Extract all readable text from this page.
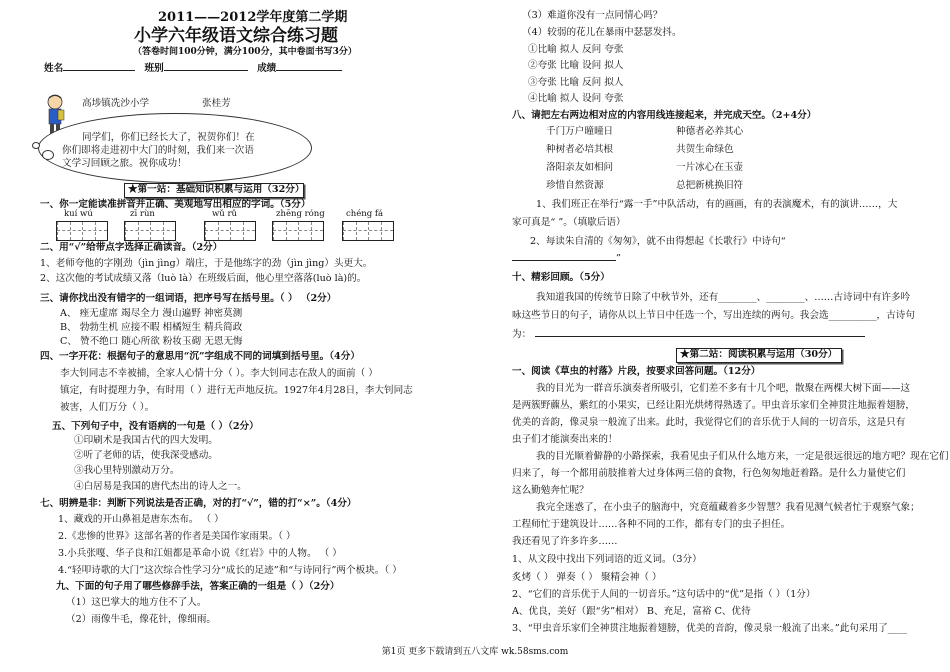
2011——2012学年度第二学期
小学六年级语文综合练习题
（答卷时间100分钟，满分100分，其中卷面书写3分）
姓名	班别	成绩
高埗镇冼沙小学	张桂芳
同学们，你们已经长大了，祝贺你们！在
你们即将走进初中大门的时刻，我们来一次语
文学习回顾之旅。祝你成功！
★第一站：基础知识积累与运用（32分）
一、你一定能读准拼音并正确、美观地写出相应的字词。（5分）
kuí wú	zī rùn	wǔ rǔ	zhēng róng	chéng fá
二、用“√”给带点字选择正确读音。（2分）
1、老师夸他的字刚劲（jìn jìng）端庄，于是他练字的劲（jìn jìng）头更大。
2、这次他的考试成绩又落（luò là）在班级后面，他心里空落落(luò là)的。
三、请你找出没有错字的一组词语，把序号写在括号里。（ ） （2分）
A、 痤无虚席 竭尽全力 漫山遍野 神密莫测
B、 勃勃生机 应接不暇 相橘短生 精兵简政
C、 赞不绝口 随心所欲 粉妆玉砌 无恩无悔
四、一字开花：根据句子的意思用“沉”字组成不同的词填到括号里。（4分）
李大钊同志不幸被捕，全家人心情十分（ ）。李大钊同志在敌人的面前（ ）
镇定，有时提理力争，有时用（ ）进行无声地反抗。1927年4月28日，李大钊同志
被害，人们万分（ ）。
五、下列句子中，没有语病的一句是（ ）（2分）
①印刷术是我国古代的四大发明。
②听了老师的话，使我深受感动。
③我心里特别激动万分。
④白居易是我国的唐代杰出的诗人之一。
七、明辨是非：判断下列说法是否正确，对的打“√”，错的打“×”。（4分）
1、藏戏的开山鼻祖是唐东杰布。 （ ）
2.《悲惨的世界》这部名著的作者是美国作家雨果。（ ）
3.小兵张嘎、华子良和江姐都是革命小说《红岩》中的人物。 （ ）
4.“轻叩诗歌的大门”这次综合性学习分“成长的足迹”和“与诗同行”两个板块。（ ）
九、下面的句子用了哪些修辞手法，答案正确的一组是（ ）（2分）
（1）这巴掌大的地方住不了人。
（2）雨像牛毛，像花针，像细雨。
（3）难道你没有一点同情心吗？
（4）较弱的花儿在暴雨中瑟瑟发抖。
①比喻 拟人 反问 夸张
②夸张 比喻 设问 拟人
③夸张 比喻 反问 拟人
④比喻 拟人 设问 夸张
八、请把左右两边相对应的内容用线连接起来，并完成天空。（2+4分）
千门万户曈曈日	种德者必养其心
种树者必培其根	共贺生命绿色
洛阳亲友如相问	一片冰心在玉壶
珍惜自然资源	总把新桃换旧符
1、我们班正在举行“露一手”中队活动，有的画画，有的表演魔术，有的演讲……，大
家可真是“ ”。（填歇后语）
2、每读朱自清的《匆匆》，就不由得想起《长歌行》中诗句“
”
十、精彩回顾。（5分）
我知道我国的传统节日除了中秋节外，还有________、________、……古诗词中有许多吟
咏这些节日的句子，请你从以上节日中任选一个，写出连续的两句。我会选__________，古诗句
为：
★第二站：阅读积累与运用（30分）
一、阅读《草虫的村落》片段，按要求回答问题。（12分）
我的目光为一群音乐演奏者所吸引，它们差不多有十几个吧，散聚在两棵大树下面——这
是两簇野藨丛，紫红的小果实，已经让阳光烘烤得熟透了。甲虫音乐家们全神贯注地振着翅膀，
优美的音韵，像灵泉一般流了出来。此时，我觉得它们的音乐优于人间的一切音乐，这是只有
虫子们才能演奏出来的！
我的目光顺着僻静的小路探索，我看见虫子们从什么地方来，一定是很远很远的地方吧？现在它们
归来了，每一个都用前肢推着大过身体两三倍的食物，行色匆匆地赶着路。是什么力量使它们
这么勤勉奔忙呢？
我完全迷惑了，在小虫子的脑海中，究竟蕴藏着多少智慧？我看见测气候者忙于观察气象；
工程师忙于建筑设计……各种不同的工作，都有专门的虫子担任。
我还看见了许多许多……
1、从文段中找出下列词语的近义词。（3分）
炙烤（ ） 弹奏（ ） 聚精会神（ ）
2、“它们的音乐优于人间的一切音乐。”这句话中的“优”是指（ ）（1分）
A、优良，美好（跟“劣”相对） B、充足，富裕 C、优待
3、“甲虫音乐家们全神贯注地振着翅膀，优美的音韵，像灵泉一般流了出来。”此句采用了____
第1页 更多下载请到五八文库 wk.58sms.com
